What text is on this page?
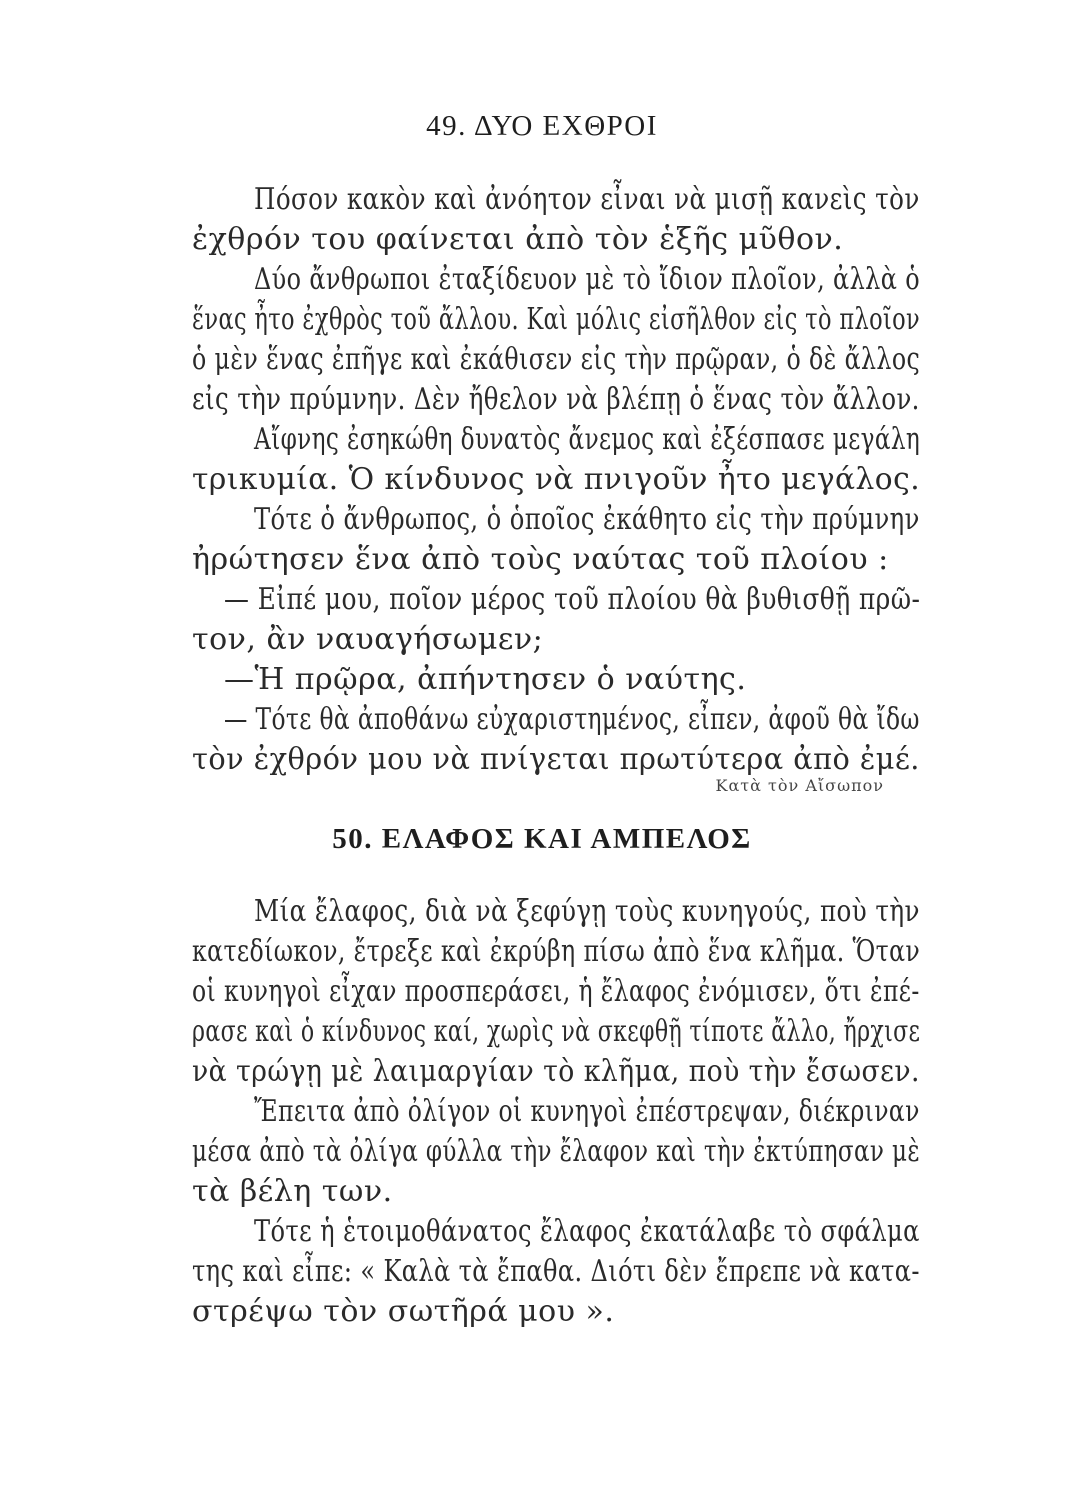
49. ΔΥΟ ΕΧΘΡΟΙ
Πόσον κακὸν καὶ ἀνόητον εἶναι νὰ μισῇ κανεὶς τὸν
ἐχθρόν του φαίνεται ἀπὸ τὸν ἑξῆς μῦθον.
Δύο ἄνθρωποι ἐταξίδευον μὲ τὸ ἴδιον πλοῖον, ἀλλὰ ὁ
ἕνας ἦτο ἐχθρὸς τοῦ ἄλλου. Καὶ μόλις εἰσῆλθον εἰς τὸ πλοῖον
ὁ μὲν ἕνας ἐπῆγε καὶ ἐκάθισεν εἰς τὴν πρῷραν, ὁ δὲ ἄλλος
εἰς τὴν πρύμνην. Δὲν ἤθελον νὰ βλέπῃ ὁ ἕνας τὸν ἄλλον.
Αἴφνης ἐσηκώθη δυνατὸς ἄνεμος καὶ ἐξέσπασε μεγάλη
τρικυμία. Ὁ κίνδυνος νὰ πνιγοῦν ἦτο μεγάλος.
Τότε ὁ ἄνθρωπος, ὁ ὁποῖος ἐκάθητο εἰς τὴν πρύμνην
ἠρώτησεν ἕνα ἀπὸ τοὺς ναύτας τοῦ πλοίου :
— Εἰπέ μου, ποῖον μέρος τοῦ πλοίου θὰ βυθισθῇ πρῶ-
τον, ἂν ναυαγήσωμεν;
—Ἡ πρῷρα, ἀπήντησεν ὁ ναύτης.
— Τότε θὰ ἀποθάνω εὐχαριστημένος, εἶπεν, ἀφοῦ θὰ ἴδω
τὸν ἐχθρόν μου νὰ πνίγεται πρωτύτερα ἀπὸ ἐμέ.
Κατὰ τὸν Αἴσωπον
50. ΕΛΑΦΟΣ ΚΑΙ ΑΜΠΕΛΟΣ
Μία ἔλαφος, διὰ νὰ ξεφύγῃ τοὺς κυνηγούς, ποὺ τὴν
κατεδίωκον, ἔτρεξε καὶ ἐκρύβη πίσω ἀπὸ ἕνα κλῆμα. Ὅταν
οἱ κυνηγοὶ εἶχαν προσπεράσει, ἡ ἔλαφος ἐνόμισεν, ὅτι ἐπέ-
ρασε καὶ ὁ κίνδυνος καί, χωρὶς νὰ σκεφθῇ τίποτε ἄλλο, ἤρχισε
νὰ τρώγῃ μὲ λαιμαργίαν τὸ κλῆμα, ποὺ τὴν ἔσωσεν.
Ἔπειτα ἀπὸ ὀλίγον οἱ κυνηγοὶ ἐπέστρεψαν, διέκριναν
μέσα ἀπὸ τὰ ὀλίγα φύλλα τὴν ἔλαφον καὶ τὴν ἐκτύπησαν μὲ
τὰ βέλη των.
Τότε ἡ ἑτοιμοθάνατος ἔλαφος ἐκατάλαβε τὸ σφάλμα
της καὶ εἶπε: « Καλὰ τὰ ἔπαθα. Διότι δὲν ἔπρεπε νὰ κατα-
στρέψω τὸν σωτῆρά μου ».
